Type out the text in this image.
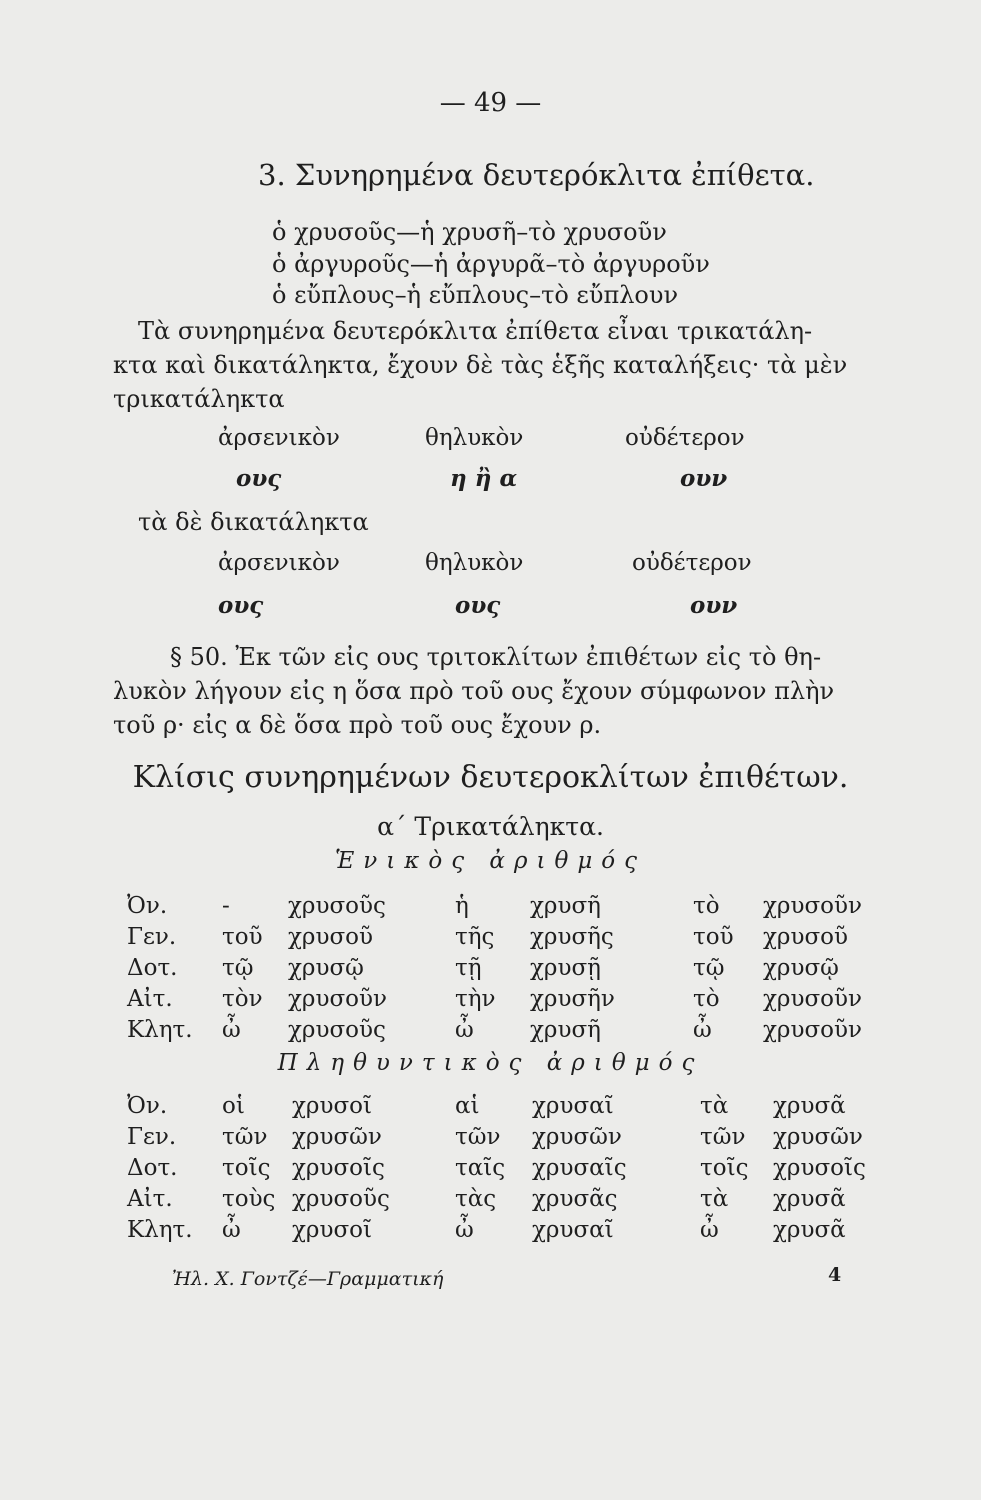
— 49 —
3. Συνηρημένα δευτερόκλιτα ἐπίθετα.
ὁ χρυσοῦς—ἡ χρυσῆ–τὸ χρυσοῦν
ὁ ἀργυροῦς—ἡ ἀργυρᾶ–τὸ ἀργυροῦν
ὁ εὔπλους–ἡ εὔπλους–τὸ εὔπλουν
Τὰ συνηρημένα δευτερόκλιτα ἐπίθετα εἶναι τρικατάλη-
κτα καὶ δικατάληκτα, ἔχουν δὲ τὰς ἑξῆς καταλήξεις· τὰ μὲν
τρικατάληκτα
ἀρσενικὸν	θηλυκὸν	οὐδέτερον
ους	η ἢ α	ουν
τὰ δὲ δικατάληκτα
ἀρσενικὸν	θηλυκὸν	οὐδέτερον
ους	ους	ουν
§ 50. Ἐκ τῶν εἰς ους τριτοκλίτων ἐπιθέτων εἰς τὸ θη-
λυκὸν λήγουν εἰς η ὅσα πρὸ τοῦ ους ἔχουν σύμφωνον πλὴν
τοῦ ρ· εἰς α δὲ ὅσα πρὸ τοῦ ους ἔχουν ρ.
Κλίσις συνηρημένων δευτεροκλίτων ἐπιθέτων.
α΄ Τρικατάληκτα.
Ἑνικὸς ἀριθμός
Ὀν. -	χρυσοῦς	ἡ	χρυσῆ	τὸ χρυσοῦν
Γεν. τοῦ χρυσοῦ	τῆς χρυσῆς	τοῦ χρυσοῦ
Δοτ. τῷ χρυσῷ	τῇ χρυσῇ	τῷ χρυσῷ
Αἰτ. τὸν χρυσοῦν	τὴν χρυσῆν	τὸ χρυσοῦν
Κλητ. ὦ χρυσοῦς	ὦ χρυσῆ	ὦ χρυσοῦν
Πληθυντικὸς ἀριθμός
Ὀν. οἱ χρυσοῖ	αἱ χρυσαῖ	τὰ χρυσᾶ
Γεν. τῶν χρυσῶν	τῶν χρυσῶν	τῶν χρυσῶν
Δοτ. τοῖς χρυσοῖς	ταῖς χρυσαῖς	τοῖς χρυσοῖς
Αἰτ. τοὺς χρυσοῦς	τὰς χρυσᾶς	τὰ χρυσᾶ
Κλητ. ὦ χρυσοῖ	ὦ	χρυσαῖ	ὦ χρυσᾶ
Ἠλ. Χ. Γοντζέ—Γραμματική	4
